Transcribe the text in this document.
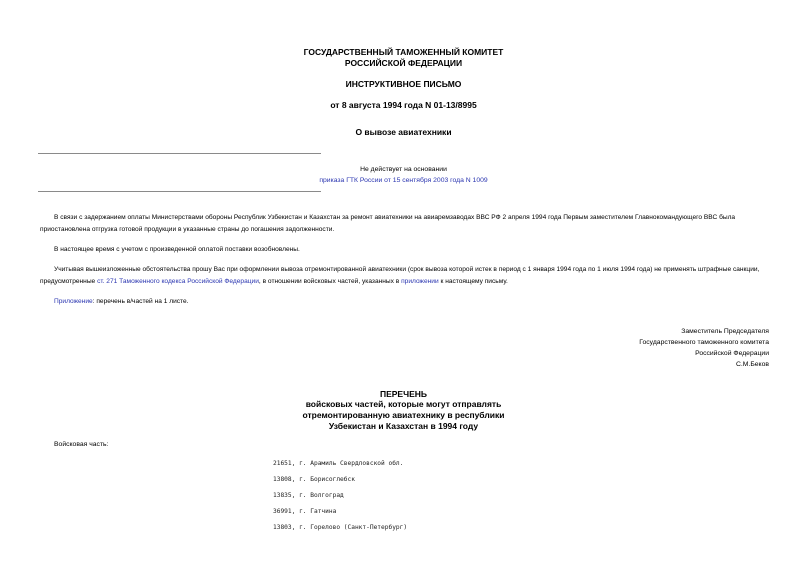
ГОСУДАРСТВЕННЫЙ ТАМОЖЕННЫЙ КОМИТЕТ
РОССИЙСКОЙ ФЕДЕРАЦИИ
ИНСТРУКТИВНОЕ ПИСЬМО
от 8 августа 1994 года N 01-13/8995
О вывозе авиатехники
Не действует на основании
приказа ГТК России от 15 сентября 2003 года N 1009
В связи с задержанием оплаты Министерствами обороны Республик Узбекистан и Казахстан за ремонт авиатехники на авиаремзаводах ВВС РФ 2 апреля 1994 года Первым заместителем Главнокомандующего ВВС была приостановлена отгрузка готовой продукции в указанные страны до погашения задолженности.
В настоящее время с учетом с произведенной оплатой поставки возобновлены.
Учитывая вышеизложенные обстоятельства прошу Вас при оформлении вывоза отремонтированной авиатехники (срок вывоза которой истек в период с 1 января 1994 года по 1 июля 1994 года) не применять штрафные санкции, предусмотренные ст. 271 Таможенного кодекса Российской Федерации, в отношении войсковых частей, указанных в приложении к настоящему письму.
Приложение: перечень в/частей на 1 листе.
Заместитель Председателя
Государственного таможенного комитета
Российской Федерации
С.М.Беков
ПЕРЕЧЕНЬ
войсковых частей, которые могут отправлять
отремонтированную авиатехнику в республики
Узбекистан и Казахстан в 1994 году
Войсковая часть:
21651, г. Арамиль Свердловской обл.
13808, г. Борисоглебск
13835, г. Волгоград
36991, г. Гатчина
13803, г. Горелово (Санкт-Петербург)
